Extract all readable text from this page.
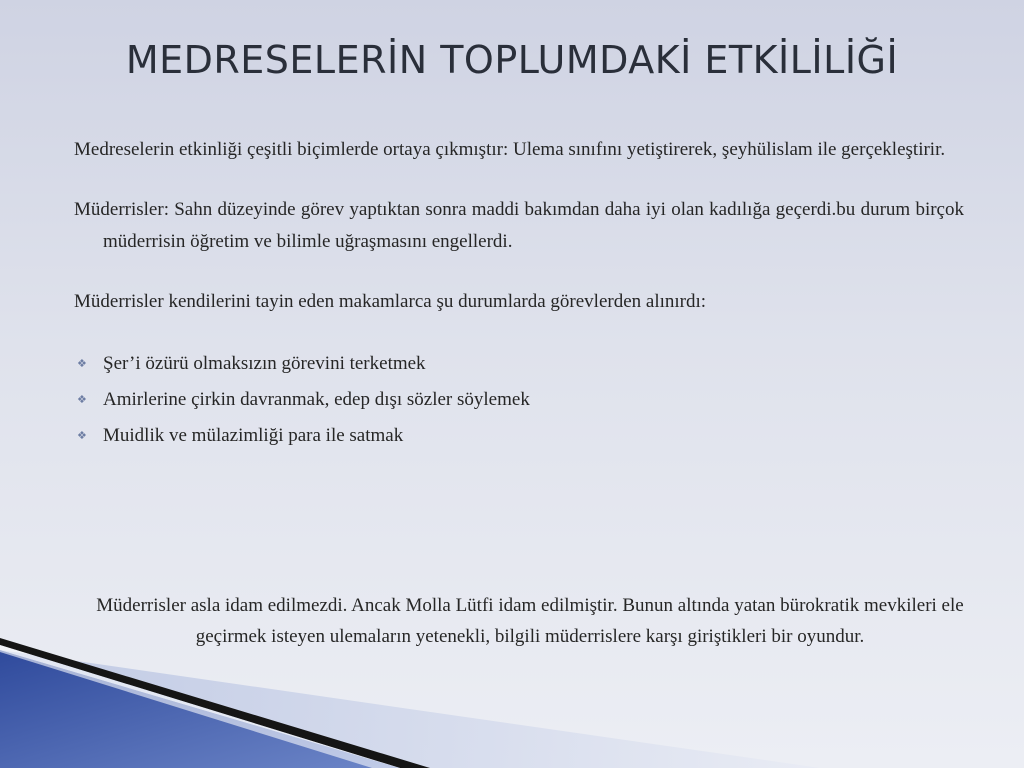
MEDRESELERİN TOPLUMDAKİ ETKİLİLİĞİ

Medreselerin etkinliği çeşitli biçimlerde ortaya çıkmıştır: Ulema sınıfını yetiştirerek, şeyhülislam ile gerçekleştirir.

Müderrisler: Sahn düzeyinde görev yaptıktan sonra maddi bakımdan daha iyi olan kadılığa geçerdi.bu durum birçok müderrisin öğretim ve bilimle uğraşmasını engellerdi.

Müderrisler kendilerini tayin eden makamlarca şu durumlarda görevlerden alınırdı:

❖ Şer’i özürü olmaksızın görevini terketmek
❖ Amirlerine çirkin davranmak, edep dışı sözler söylemek
❖ Muidlik ve mülazimliği para ile satmak

Müderrisler asla idam edilmezdi. Ancak Molla Lütfi idam edilmiştir. Bunun altında yatan bürokratik mevkileri ele geçirmek isteyen ulemaların yetenekli, bilgili müderrislere karşı giriştikleri bir oyundur.
